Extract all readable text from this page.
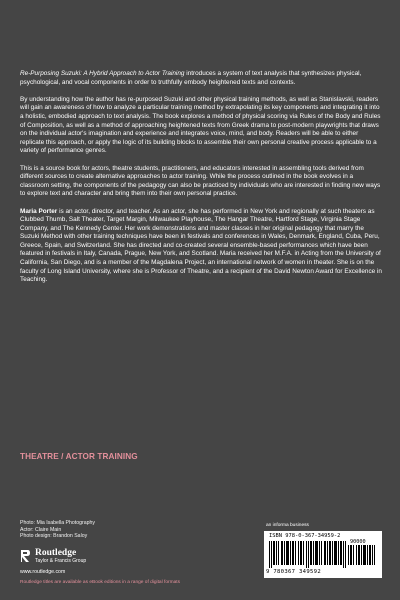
Re-Purposing Suzuki: A Hybrid Approach to Actor Training introduces a system of text analysis that synthesizes physical, psychological, and vocal components in order to truthfully embody heightened texts and contexts.

By understanding how the author has re-purposed Suzuki and other physical training methods, as well as Stanislavski, readers will gain an awareness of how to analyze a particular training method by extrapolating its key components and integrating it into a holistic, embodied approach to text analysis. The book explores a method of physical scoring via Rules of the Body and Rules of Composition, as well as a method of approaching heightened texts from Greek drama to post-modern playwrights that draws on the individual actor's imagination and experience and integrates voice, mind, and body. Readers will be able to either replicate this approach, or apply the logic of its building blocks to assemble their own personal creative process applicable to a variety of performance genres.

This is a source book for actors, theatre students, practitioners, and educators interested in assembling tools derived from different sources to create alternative approaches to actor training. While the process outlined in the book evolves in a classroom setting, the components of the pedagogy can also be practiced by individuals who are interested in finding new ways to explore text and character and bring them into their own personal practice.

Maria Porter is an actor, director, and teacher. As an actor, she has performed in New York and regionally at such theaters as Clubbed Thumb, Salt Theater, Target Margin, Milwaukee Playhouse, The Hangar Theatre, Hartford Stage, Virginia Stage Company, and The Kennedy Center. Her work demonstrations and master classes in her original pedagogy that marry the Suzuki Method with other training techniques have been in festivals and conferences in Wales, Denmark, England, Cuba, Peru, Greece, Spain, and Switzerland. She has directed and co-created several ensemble-based performances which have been featured in festivals in Italy, Canada, Prague, New York, and Scotland. Maria received her M.F.A. in Acting from the University of California, San Diego, and is a member of the Magdalena Project, an international network of women in theater. She is on the faculty of Long Island University, where she is Professor of Theatre, and a recipient of the David Newton Award for Excellence in Teaching.

THEATRE / ACTOR TRAINING
Photo: Mia Isabella Photography
Actor: Claire Main
Photo design: Brandon Saloy
Routledge
Taylor & Francis Group
www.routledge.com
an informa business
ISBN 978-0-367-34959-2
90000
9 780367 349592
Routledge titles are available as eBook editions in a range of digital formats
